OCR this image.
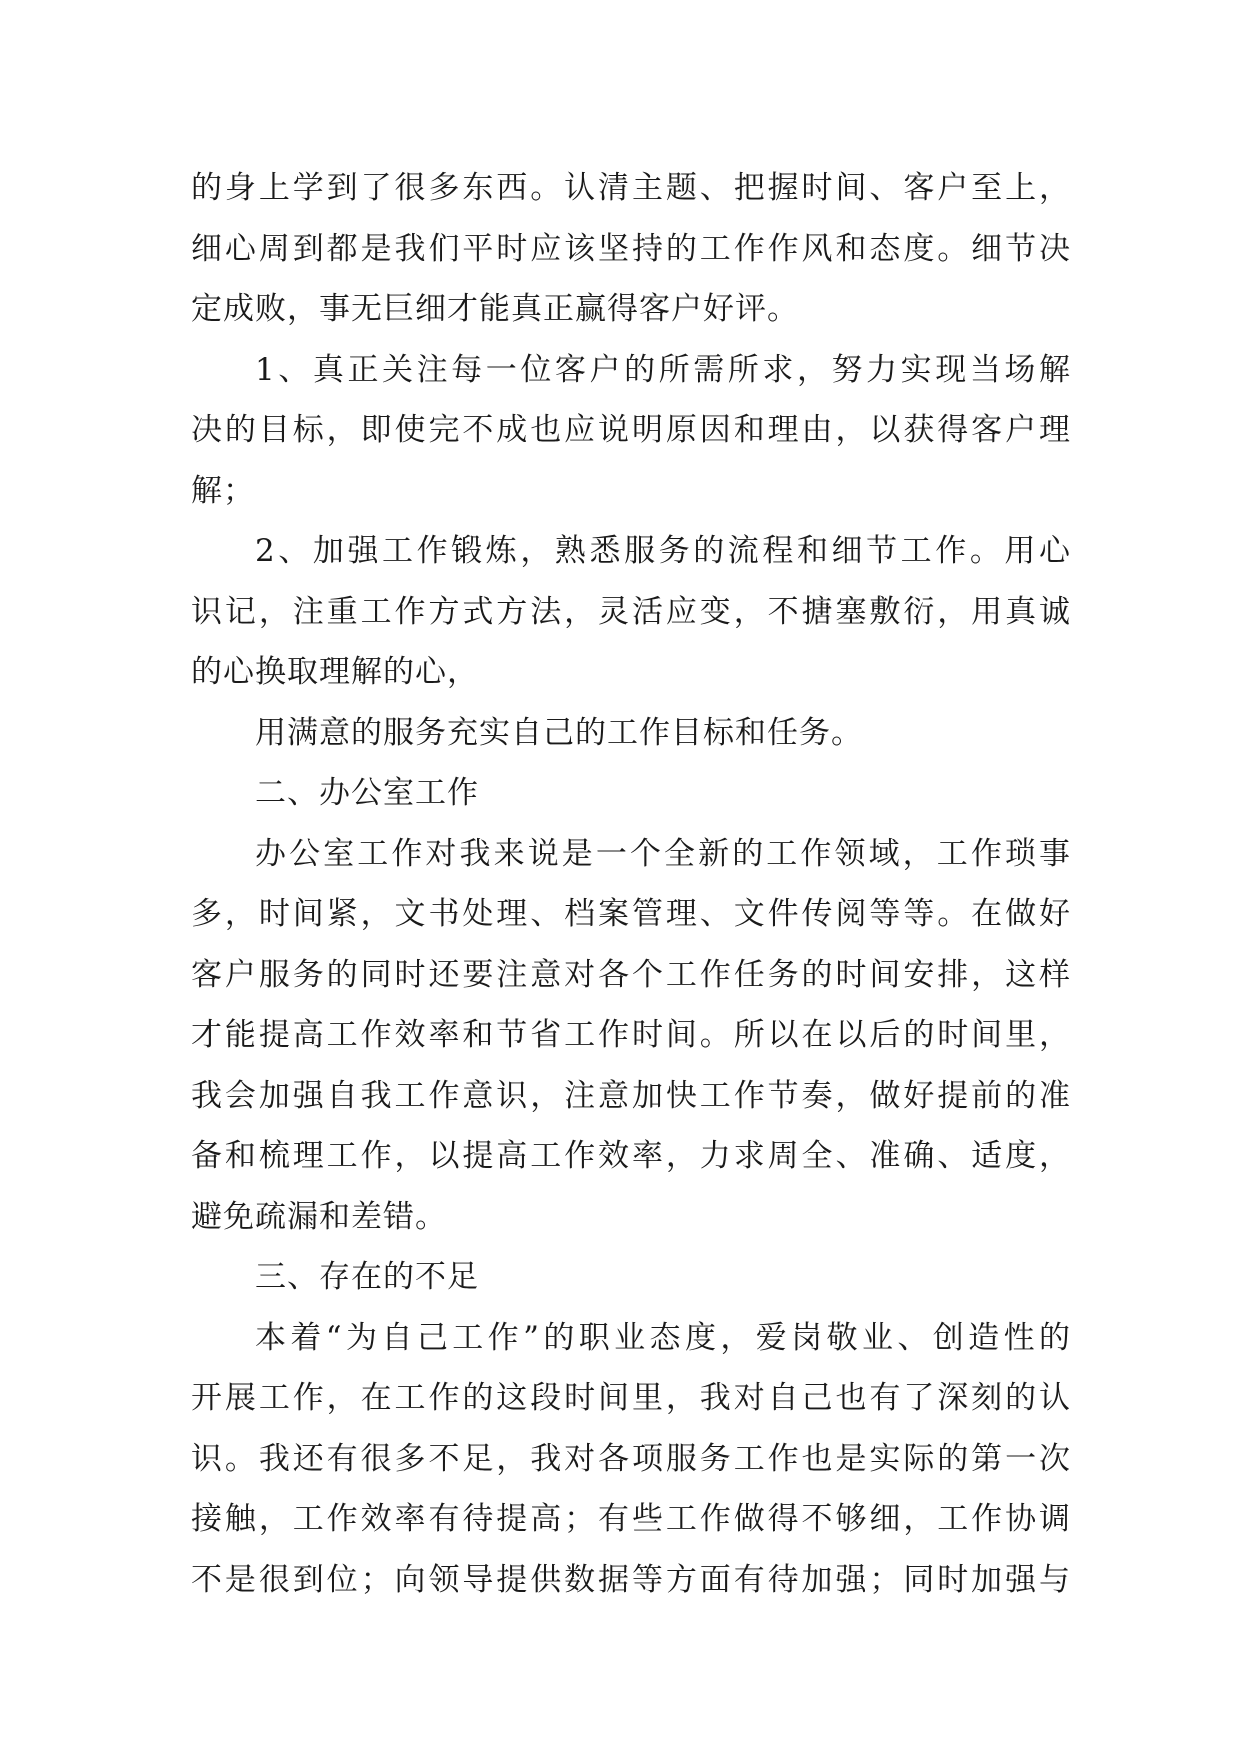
的身上学到了很多东西。认清主题、把握时间、客户至上，
细心周到都是我们平时应该坚持的工作作风和态度。细节决
定成败，事无巨细才能真正赢得客户好评。
1、真正关注每一位客户的所需所求，努力实现当场解
决的目标，即使完不成也应说明原因和理由，以获得客户理
解；
2、加强工作锻炼，熟悉服务的流程和细节工作。用心
识记，注重工作方式方法，灵活应变，不搪塞敷衍，用真诚
的心换取理解的心，
用满意的服务充实自己的工作目标和任务。
二、办公室工作
办公室工作对我来说是一个全新的工作领域，工作琐事
多，时间紧，文书处理、档案管理、文件传阅等等。在做好
客户服务的同时还要注意对各个工作任务的时间安排，这样
才能提高工作效率和节省工作时间。所以在以后的时间里，
我会加强自我工作意识，注意加快工作节奏，做好提前的准
备和梳理工作，以提高工作效率，力求周全、准确、适度，
避免疏漏和差错。
三、存在的不足
本着“为自己工作”的职业态度，爱岗敬业、创造性的
开展工作，在工作的这段时间里，我对自己也有了深刻的认
识。我还有很多不足，我对各项服务工作也是实际的第一次
接触，工作效率有待提高；有些工作做得不够细，工作协调
不是很到位；向领导提供数据等方面有待加强；同时加强与
